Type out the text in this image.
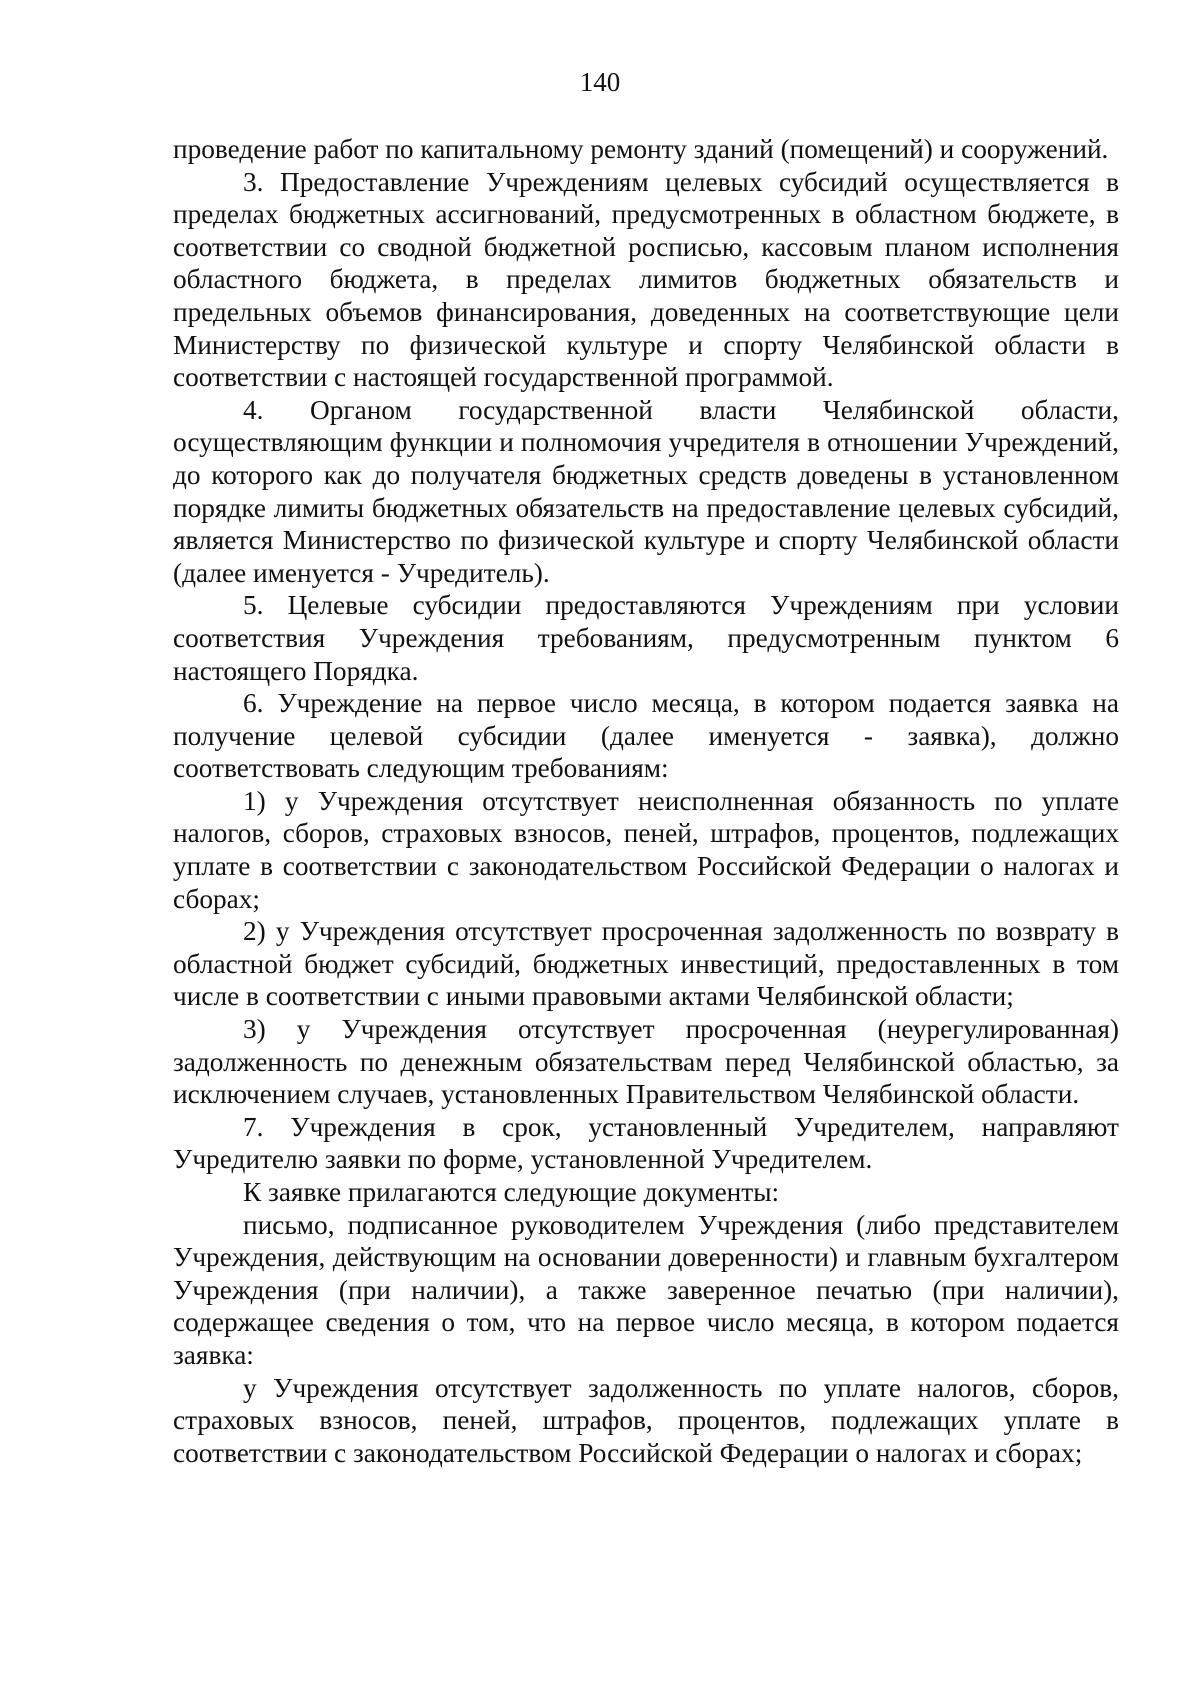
140

проведение работ по капитальному ремонту зданий (помещений) и сооружений.

3. Предоставление Учреждениям целевых субсидий осуществляется в пределах бюджетных ассигнований, предусмотренных в областном бюджете, в соответствии со сводной бюджетной росписью, кассовым планом исполнения областного бюджета, в пределах лимитов бюджетных обязательств и предельных объемов финансирования, доведенных на соответствующие цели Министерству по физической культуре и спорту Челябинской области в соответствии с настоящей государственной программой.

4. Органом государственной власти Челябинской области, осуществляющим функции и полномочия учредителя в отношении Учреждений, до которого как до получателя бюджетных средств доведены в установленном порядке лимиты бюджетных обязательств на предоставление целевых субсидий, является Министерство по физической культуре и спорту Челябинской области (далее именуется - Учредитель).

5. Целевые субсидии предоставляются Учреждениям при условии соответствия Учреждения требованиям, предусмотренным пунктом 6 настоящего Порядка.

6. Учреждение на первое число месяца, в котором подается заявка на получение целевой субсидии (далее именуется - заявка), должно соответствовать следующим требованиям:

1) у Учреждения отсутствует неисполненная обязанность по уплате налогов, сборов, страховых взносов, пеней, штрафов, процентов, подлежащих уплате в соответствии с законодательством Российской Федерации о налогах и сборах;

2) у Учреждения отсутствует просроченная задолженность по возврату в областной бюджет субсидий, бюджетных инвестиций, предоставленных в том числе в соответствии с иными правовыми актами Челябинской области;

3) у Учреждения отсутствует просроченная (неурегулированная) задолженность по денежным обязательствам перед Челябинской областью, за исключением случаев, установленных Правительством Челябинской области.

7. Учреждения в срок, установленный Учредителем, направляют Учредителю заявки по форме, установленной Учредителем.

К заявке прилагаются следующие документы:

письмо, подписанное руководителем Учреждения (либо представителем Учреждения, действующим на основании доверенности) и главным бухгалтером Учреждения (при наличии), а также заверенное печатью (при наличии), содержащее сведения о том, что на первое число месяца, в котором подается заявка:

у Учреждения отсутствует задолженность по уплате налогов, сборов, страховых взносов, пеней, штрафов, процентов, подлежащих уплате в соответствии с законодательством Российской Федерации о налогах и сборах;
